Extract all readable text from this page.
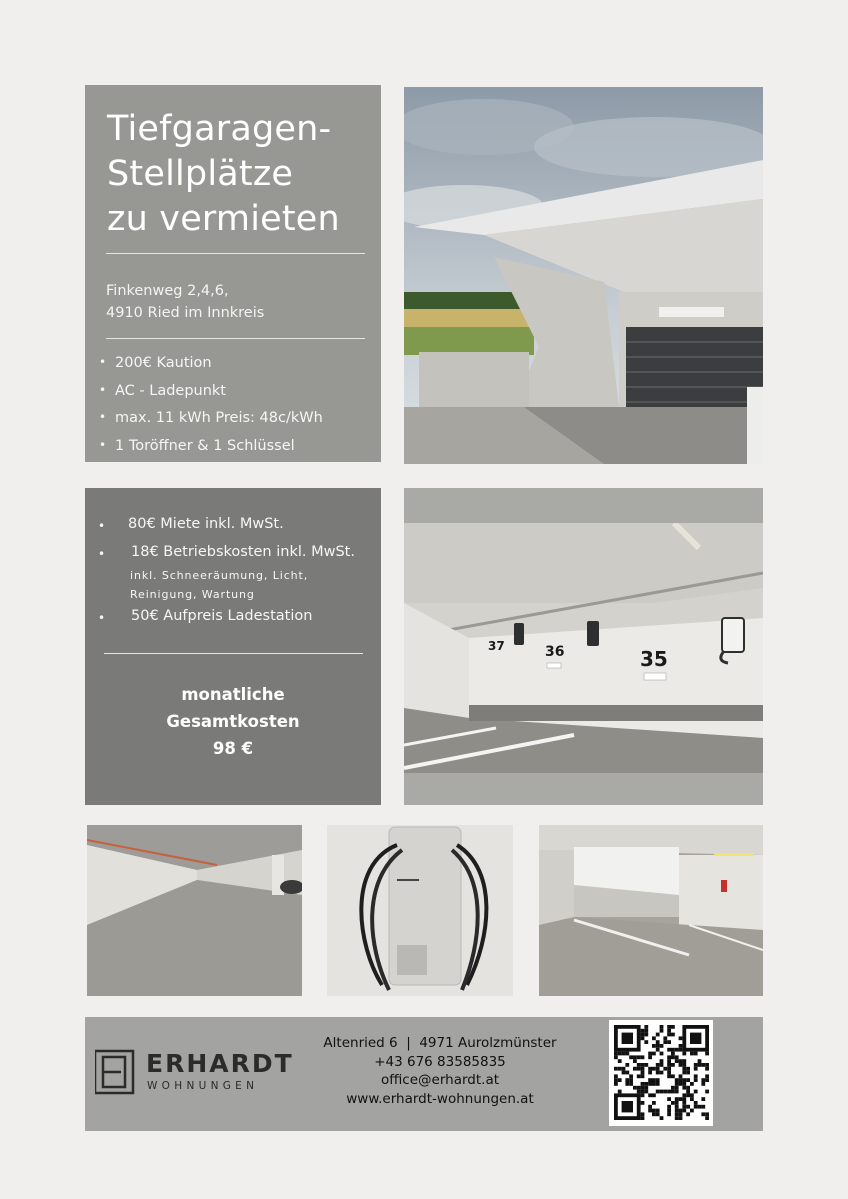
Tiefgaragen-
Stellplätze
zu vermieten
Finkenweg 2,4,6,
4910 Ried im Innkreis
• 200€ Kaution
• AC - Ladepunkt
• max. 11 kWh Preis: 48c/kWh
• 1 Toröffner & 1 Schlüssel
• 80€ Miete inkl. MwSt.
• 18€ Betriebskosten inkl. MwSt.
inkl. Schneeräumung, Licht,
Reinigung, Wartung
• 50€ Aufpreis Ladestation
monatliche
Gesamtkosten
98 €
37	36	35
ERHARDT
WOHNUNGEN
Altenried 6  |  4971 Aurolzmünster
+43 676 83585835
office@erhardt.at
www.erhardt-wohnungen.at
